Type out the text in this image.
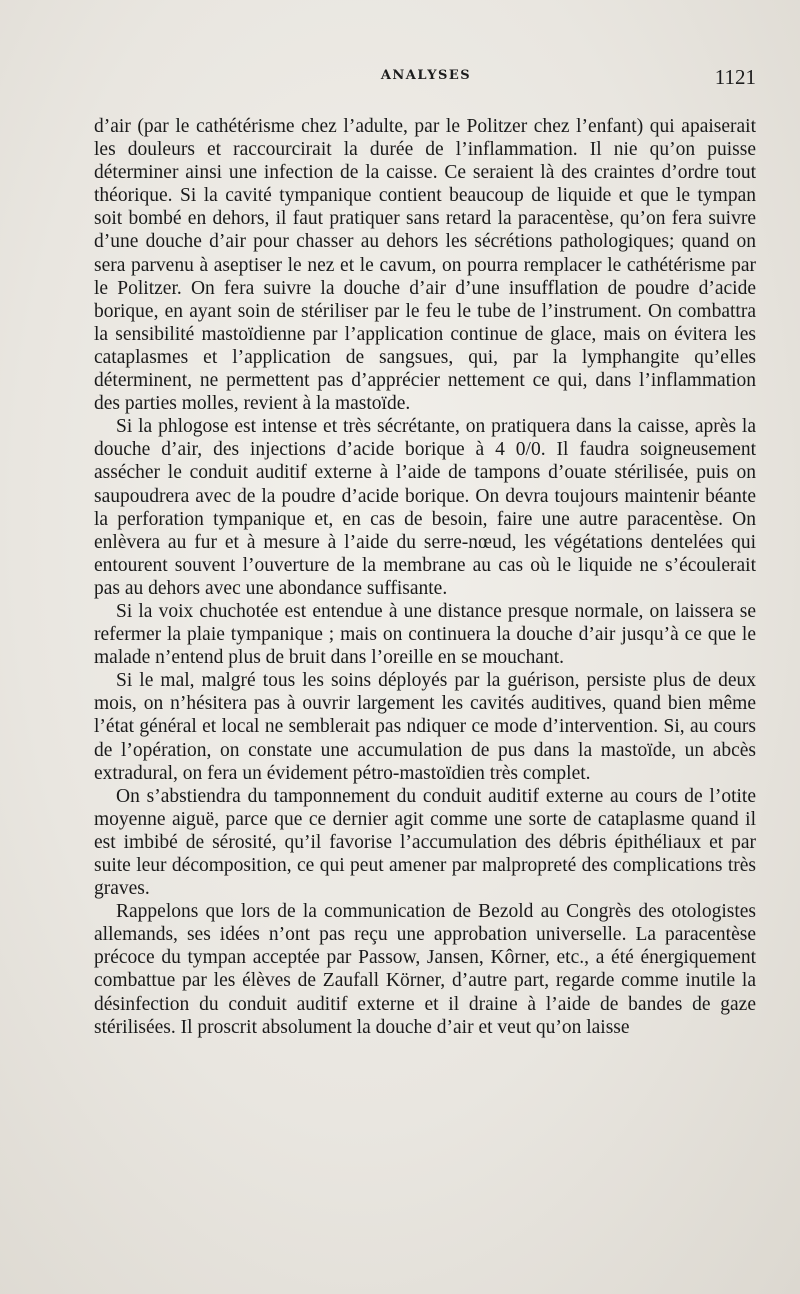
ANALYSES	1121

d’air (par le cathétérisme chez l’adulte, par le Politzer chez l’enfant) qui apaiserait les douleurs et raccourcirait la durée de l’inflammation. Il nie qu’on puisse déterminer ainsi une infection de la caisse. Ce seraient là des craintes d’ordre tout théorique. Si la cavité tympanique contient beaucoup de liquide et que le tympan soit bombé en dehors, il faut pratiquer sans retard la paracentèse, qu’on fera suivre d’une douche d’air pour chasser au dehors les sécrétions pathologiques; quand on sera parvenu à aseptiser le nez et le cavum, on pourra remplacer le cathétérisme par le Politzer. On fera suivre la douche d’air d’une insufflation de poudre d’acide borique, en ayant soin de stériliser par le feu le tube de l’instrument. On combattra la sensibilité mastoïdienne par l’application continue de glace, mais on évitera les cataplasmes et l’application de sangsues, qui, par la lymphangite qu’elles déterminent, ne permettent pas d’apprécier nettement ce qui, dans l’inflammation des parties molles, revient à la mastoïde.

Si la phlogose est intense et très sécrétante, on pratiquera dans la caisse, après la douche d’air, des injections d’acide borique à 4 0/0. Il faudra soigneusement assécher le conduit auditif externe à l’aide de tampons d’ouate stérilisée, puis on saupoudrera avec de la poudre d’acide borique. On devra toujours maintenir béante la perforation tympanique et, en cas de besoin, faire une autre paracentèse. On enlèvera au fur et à mesure à l’aide du serre-nœud, les végétations dentelées qui entourent souvent l’ouverture de la membrane au cas où le liquide ne s’écoulerait pas au dehors avec une abondance suffisante.

Si la voix chuchotée est entendue à une distance presque normale, on laissera se refermer la plaie tympanique ; mais on continuera la douche d’air jusqu’à ce que le malade n’entend plus de bruit dans l’oreille en se mouchant.

Si le mal, malgré tous les soins déployés par la guérison, persiste plus de deux mois, on n’hésitera pas à ouvrir largement les cavités auditives, quand bien même l’état général et local ne semblerait pas ndiquer ce mode d’intervention. Si, au cours de l’opération, on constate une accumulation de pus dans la mastoïde, un abcès extradural, on fera un évidement pétro-mastoïdien très complet.

On s’abstiendra du tamponnement du conduit auditif externe au cours de l’otite moyenne aiguë, parce que ce dernier agit comme une sorte de cataplasme quand il est imbibé de sérosité, qu’il favorise l’accumulation des débris épithéliaux et par suite leur décomposition, ce qui peut amener par malpropreté des complications très graves.

Rappelons que lors de la communication de Bezold au Congrès des otologistes allemands, ses idées n’ont pas reçu une approbation universelle. La paracentèse précoce du tympan acceptée par Passow, Jansen, Kôrner, etc., a été énergiquement combattue par les élèves de Zaufall Körner, d’autre part, regarde comme inutile la désinfection du conduit auditif externe et il draine à l’aide de bandes de gaze stérilisées. Il proscrit absolument la douche d’air et veut qu’on laisse
